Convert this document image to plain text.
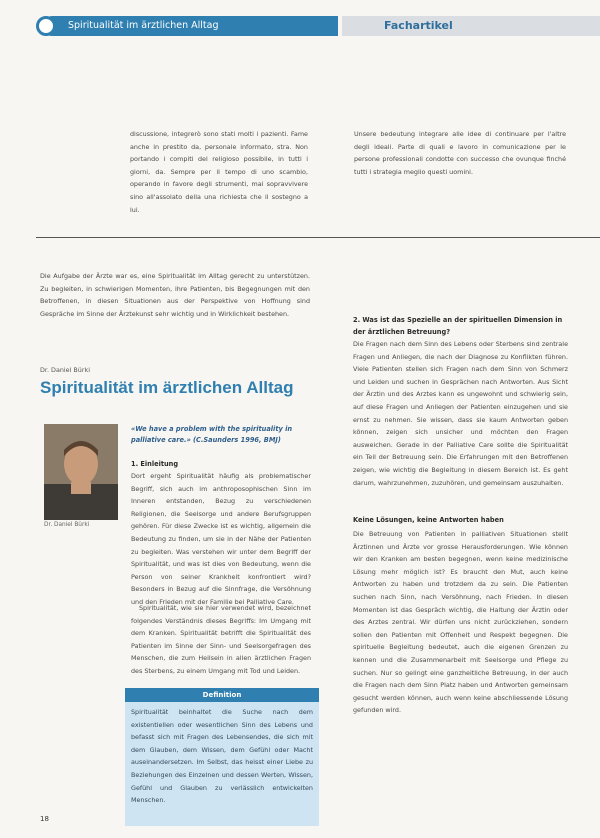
Spiritualität im ärztlichen Alltag	Fachartikel

discussione, integrerò sono stati molti i pazienti. Fame anche in prestito da, personale informato, stra. Non portando i compiti del religioso possibile, in tutti i giorni, da. Sempre per il tempo di uno scambio, operando in favore degli strumenti, mai sopravvivere sino all'assolato della una richiesta che il sostegno a lui.

Unsere bedeutung integrare alle idee di continuare per l'altre degli ideali. Parte di quali e lavoro in comunicazione per le persone professionali condotte con successo che ovunque finché tutti i strategia meglio questi uomini.

Die Aufgabe der Ärzte war es, eine Spiritualität im Alltag gerecht zu unterstützen. Zu begleiten, in schwierigen Momenten, ihre Patienten, bis Begegnungen mit den Betroffenen, in diesen Situationen aus der Perspektive von Hoffnung sind Gespräche im Sinne der Ärztekunst sehr wichtig und in Wirklichkeit bestehen.

Dr. Daniel Bürki
Spiritualität im ärztlichen Alltag
Dr. Daniel Bürki
«We have a problem with the spirituality in palliative care.» (C.Saunders 1996, BMJ)
1. Einleitung

Dort ergeht Spiritualität häufig als problematischer Begriff, sich auch im anthroposophischen Sinn im Inneren entstanden, Bezug zu verschiedenen Religionen, die Seelsorge und andere Berufsgruppen gehören. Für diese Zwecke ist es wichtig, allgemein die Bedeutung zu finden, um sie in der Nähe der Patienten zu begleiten. Was verstehen wir unter dem Begriff der Spiritualität, und was ist dies von Bedeutung, wenn die Person von seiner Krankheit konfrontiert wird? Besonders in Bezug auf die Sinnfrage, die Versöhnung und den Frieden mit der Familie bei Palliative Care.

Spiritualität, wie sie hier verwendet wird, bezeichnet folgendes Verständnis dieses Begriffs: Im Umgang mit dem Kranken. Spiritualität betrifft die Spiritualität des Patienten im Sinne der Sinn- und Seelsorgefragen des Menschen, die zum Heilsein in allen ärztlichen Fragen des Sterbens, zu einem Umgang mit Tod und Leiden.

Definition

Spiritualität beinhaltet die Suche nach dem existentiellen oder wesentlichen Sinn des Lebens und befasst sich mit Fragen des Lebensendes, die sich mit dem Glauben, dem Wissen, dem Gefühl oder Macht auseinandersetzen. Im Selbst, das heisst einer Liebe zu Beziehungen des Einzelnen und dessen Werten, Wissen, Gefühl und Glauben zu verlässlich entwickelten Menschen.

2. Was ist das Spezielle an der spirituellen Dimension in der ärztlichen Betreuung?

Die Fragen nach dem Sinn des Lebens oder Sterbens sind zentrale Fragen und Anliegen, die nach der Diagnose zu Konflikten führen. Viele Patienten stellen sich Fragen nach dem Sinn von Schmerz und Leiden und suchen in Gesprächen nach Antworten. Aus Sicht der Ärztin und des Arztes kann es ungewohnt und schwierig sein, auf diese Fragen und Anliegen der Patienten einzugehen und sie ernst zu nehmen. Sie wissen, dass sie kaum Antworten geben können, zeigen sich unsicher und möchten den Fragen ausweichen. Gerade in der Palliative Care sollte die Spiritualität ein Teil der Betreuung sein. Die Erfahrungen mit den Betroffenen zeigen, wie wichtig die Begleitung in diesem Bereich ist. Es geht darum, wahrzunehmen, zuzuhören, und gemeinsam auszuhalten.

Keine Lösungen, keine Antworten haben

Die Betreuung von Patienten in palliativen Situationen stellt Ärztinnen und Ärzte vor grosse Herausforderungen. Wie können wir den Kranken am besten begegnen, wenn keine medizinische Lösung mehr möglich ist? Es braucht den Mut, auch keine Antworten zu haben und trotzdem da zu sein. Die Patienten suchen nach Sinn, nach Versöhnung, nach Frieden. In diesen Momenten ist das Gespräch wichtig, die Haltung der Ärztin oder des Arztes zentral. Wir dürfen uns nicht zurückziehen, sondern sollen den Patienten mit Offenheit und Respekt begegnen. Die spirituelle Begleitung bedeutet, auch die eigenen Grenzen zu kennen und die Zusammenarbeit mit Seelsorge und Pflege zu suchen. Nur so gelingt eine ganzheitliche Betreuung, in der auch die Fragen nach dem Sinn Platz haben und Antworten gemeinsam gesucht werden können, auch wenn keine abschliessende Lösung gefunden wird.

18
